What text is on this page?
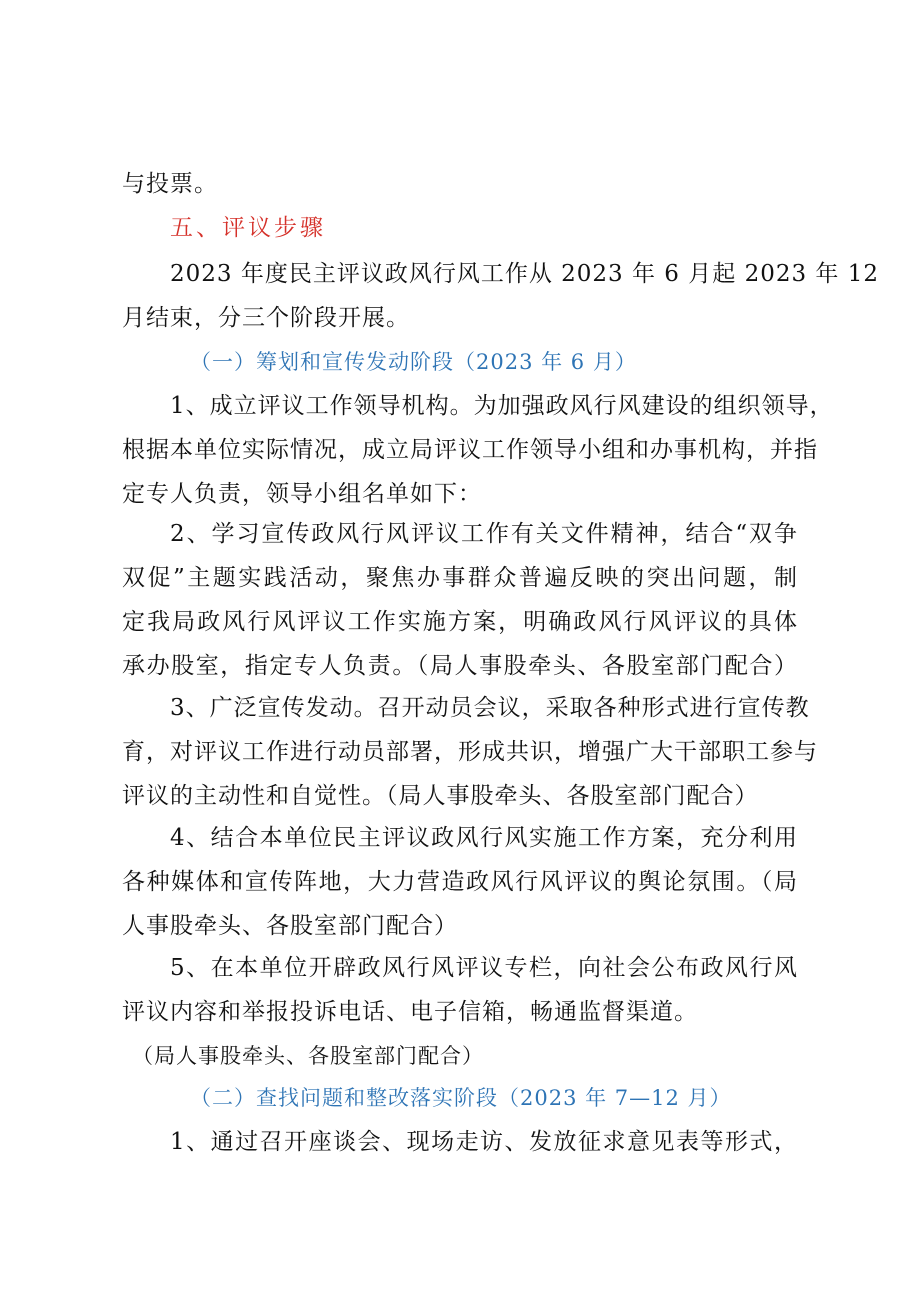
与投票。
五、评议步骤
2023 年度民主评议政风行风工作从 2023 年 6 月起 2023 年 12
月结束，分三个阶段开展。
（一）筹划和宣传发动阶段（2023 年 6 月）
1、成立评议工作领导机构。为加强政风行风建设的组织领导，
根据本单位实际情况，成立局评议工作领导小组和办事机构，并指
定专人负责，领导小组名单如下：
2、学习宣传政风行风评议工作有关文件精神，结合“双争
双促”主题实践活动，聚焦办事群众普遍反映的突出问题，制
定我局政风行风评议工作实施方案，明确政风行风评议的具体
承办股室，指定专人负责。（局人事股牵头、各股室部门配合）
3、广泛宣传发动。召开动员会议，采取各种形式进行宣传教
育，对评议工作进行动员部署，形成共识，增强广大干部职工参与
评议的主动性和自觉性。（局人事股牵头、各股室部门配合）
4、结合本单位民主评议政风行风实施工作方案，充分利用
各种媒体和宣传阵地，大力营造政风行风评议的舆论氛围。（局
人事股牵头、各股室部门配合）
5、在本单位开辟政风行风评议专栏，向社会公布政风行风
评议内容和举报投诉电话、电子信箱，畅通监督渠道。
（局人事股牵头、各股室部门配合）
（二）查找问题和整改落实阶段（2023 年 7—12 月）
1、通过召开座谈会、现场走访、发放征求意见表等形式，
